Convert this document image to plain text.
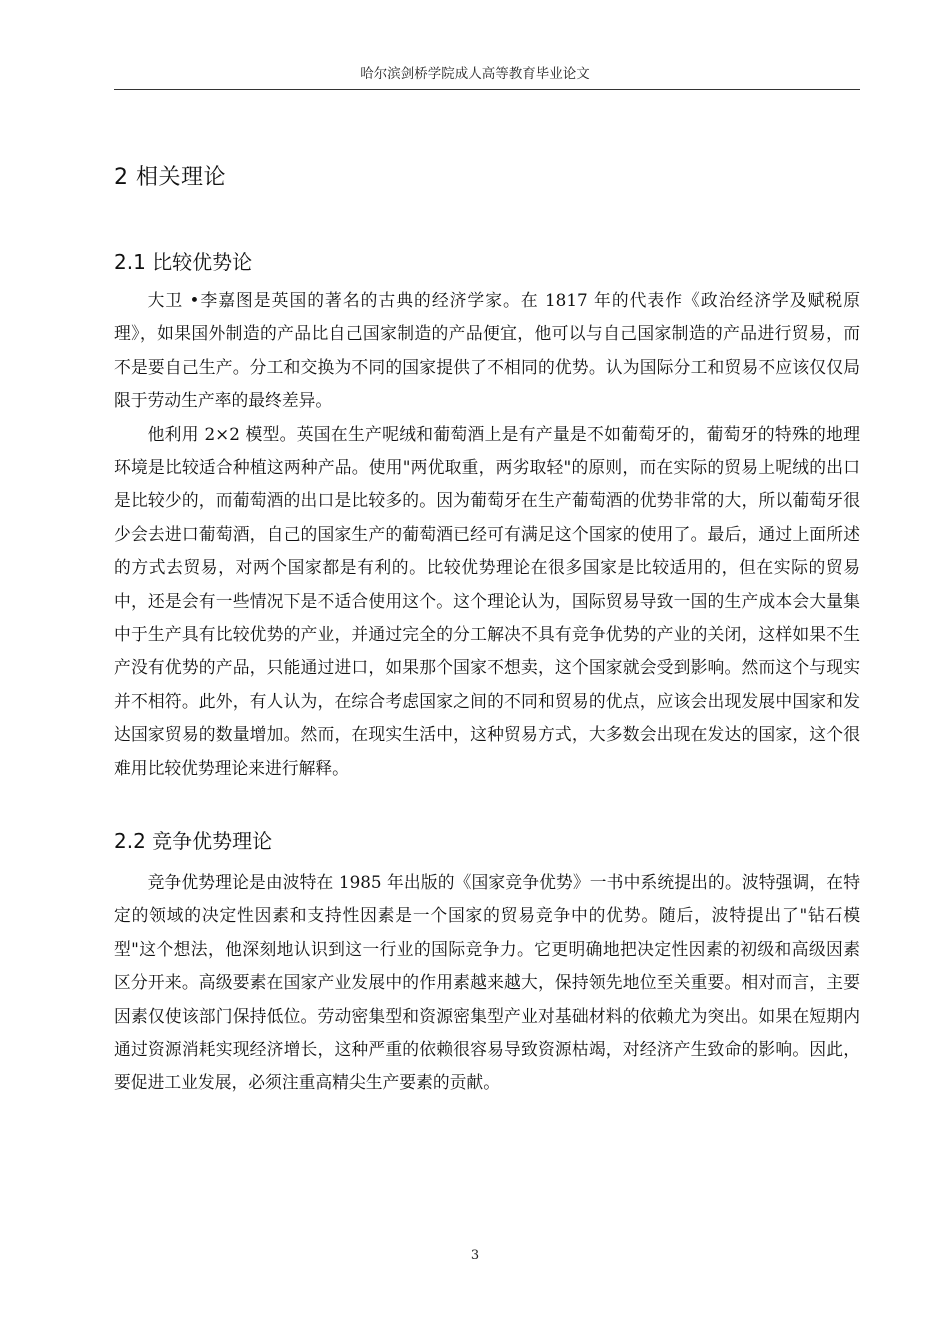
哈尔滨剑桥学院成人高等教育毕业论文
2 相关理论
2.1 比较优势论

大卫 •李嘉图是英国的著名的古典的经济学家。在 1817 年的代表作《政治经济学及赋税原理》，如果国外制造的产品比自己国家制造的产品便宜，他可以与自己国家制造的产品进行贸易，而不是要自己生产。分工和交换为不同的国家提供了不相同的优势。认为国际分工和贸易不应该仅仅局限于劳动生产率的最终差异。

他利用 2×2 模型。英国在生产呢绒和葡萄酒上是有产量是不如葡萄牙的，葡萄牙的特殊的地理环境是比较适合种植这两种产品。使用"两优取重，两劣取轻"的原则，而在实际的贸易上呢绒的出口是比较少的，而葡萄酒的出口是比较多的。因为葡萄牙在生产葡萄酒的优势非常的大，所以葡萄牙很少会去进口葡萄酒，自己的国家生产的葡萄酒已经可有满足这个国家的使用了。最后，通过上面所述的方式去贸易，对两个国家都是有利的。比较优势理论在很多国家是比较适用的，但在实际的贸易中，还是会有一些情况下是不适合使用这个。这个理论认为，国际贸易导致一国的生产成本会大量集中于生产具有比较优势的产业，并通过完全的分工解决不具有竞争优势的产业的关闭，这样如果不生产没有优势的产品，只能通过进口，如果那个国家不想卖，这个国家就会受到影响。然而这个与现实并不相符。此外，有人认为，在综合考虑国家之间的不同和贸易的优点，应该会出现发展中国家和发达国家贸易的数量增加。然而，在现实生活中，这种贸易方式，大多数会出现在发达的国家，这个很难用比较优势理论来进行解释。

2.2 竞争优势理论

竞争优势理论是由波特在 1985 年出版的《国家竞争优势》一书中系统提出的。波特强调，在特定的领域的决定性因素和支持性因素是一个国家的贸易竞争中的优势。随后，波特提出了"钻石模型"这个想法，他深刻地认识到这一行业的国际竞争力。它更明确地把决定性因素的初级和高级因素区分开来。高级要素在国家产业发展中的作用素越来越大，保持领先地位至关重要。相对而言，主要因素仅使该部门保持低位。劳动密集型和资源密集型产业对基础材料的依赖尤为突出。如果在短期内通过资源消耗实现经济增长，这种严重的依赖很容易导致资源枯竭，对经济产生致命的影响。因此，要促进工业发展，必须注重高精尖生产要素的贡献。

3
